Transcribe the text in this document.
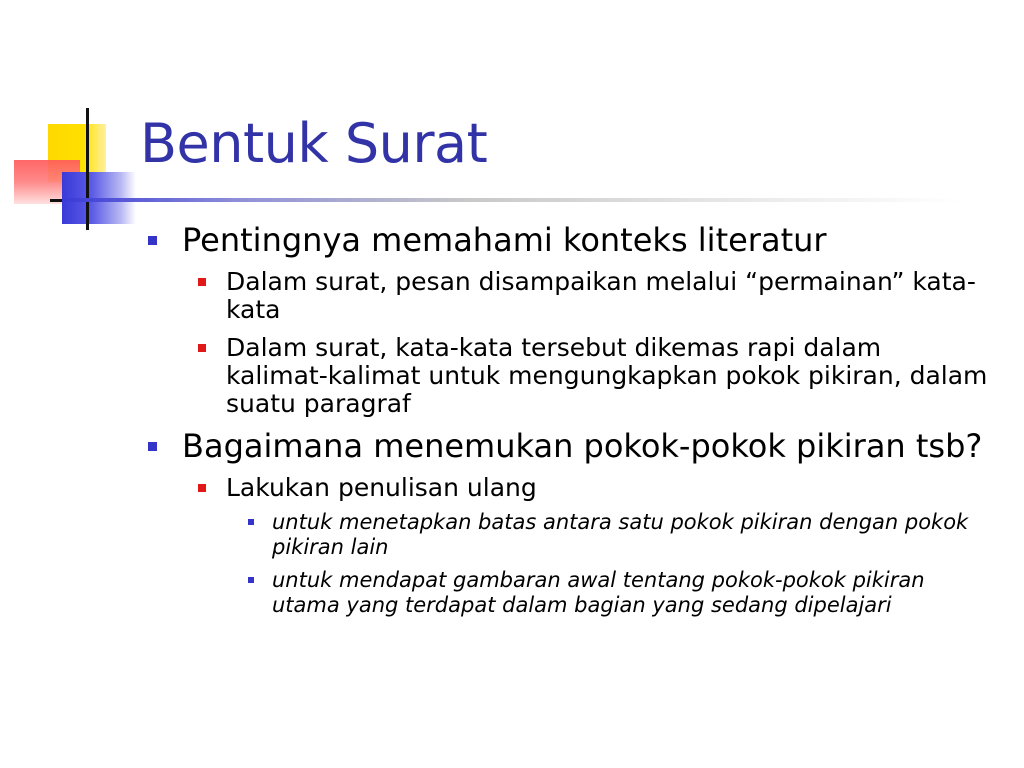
Bentuk Surat
Pentingnya memahami konteks literatur
Dalam surat, pesan disampaikan melalui “permainan” kata-kata
Dalam surat, kata-kata tersebut dikemas rapi dalam kalimat-kalimat untuk mengungkapkan pokok pikiran, dalam suatu paragraf
Bagaimana menemukan pokok-pokok pikiran tsb?
Lakukan penulisan ulang
untuk menetapkan batas antara satu pokok pikiran dengan pokok pikiran lain
untuk mendapat gambaran awal tentang pokok-pokok pikiran utama yang terdapat dalam bagian yang sedang dipelajari
